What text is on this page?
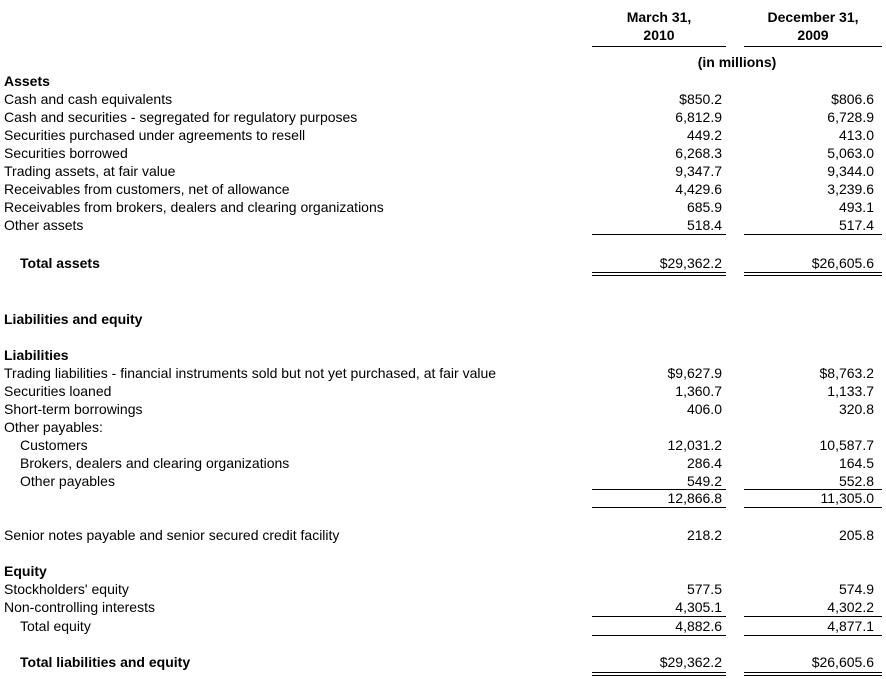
March 31,
2010
December 31,
2009
(in millions)
Assets
Cash and cash equivalents	$850.2	$806.6
Cash and securities - segregated for regulatory purposes	6,812.9	6,728.9
Securities purchased under agreements to resell	449.2	413.0
Securities borrowed	6,268.3	5,063.0
Trading assets, at fair value	9,347.7	9,344.0
Receivables from customers, net of allowance	4,429.6	3,239.6
Receivables from brokers, dealers and clearing organizations	685.9	493.1
Other assets	518.4	517.4
Total assets	$29,362.2	$26,605.6
Liabilities and equity
Liabilities
Trading liabilities - financial instruments sold but not yet purchased, at fair value	$9,627.9	$8,763.2
Securities loaned	1,360.7	1,133.7
Short-term borrowings	406.0	320.8
Other payables:
Customers	12,031.2	10,587.7
Brokers, dealers and clearing organizations	286.4	164.5
Other payables	549.2	552.8
12,866.8	11,305.0
Senior notes payable and senior secured credit facility	218.2	205.8
Equity
Stockholders' equity	577.5	574.9
Non-controlling interests	4,305.1	4,302.2
Total equity	4,882.6	4,877.1
Total liabilities and equity	$29,362.2	$26,605.6
